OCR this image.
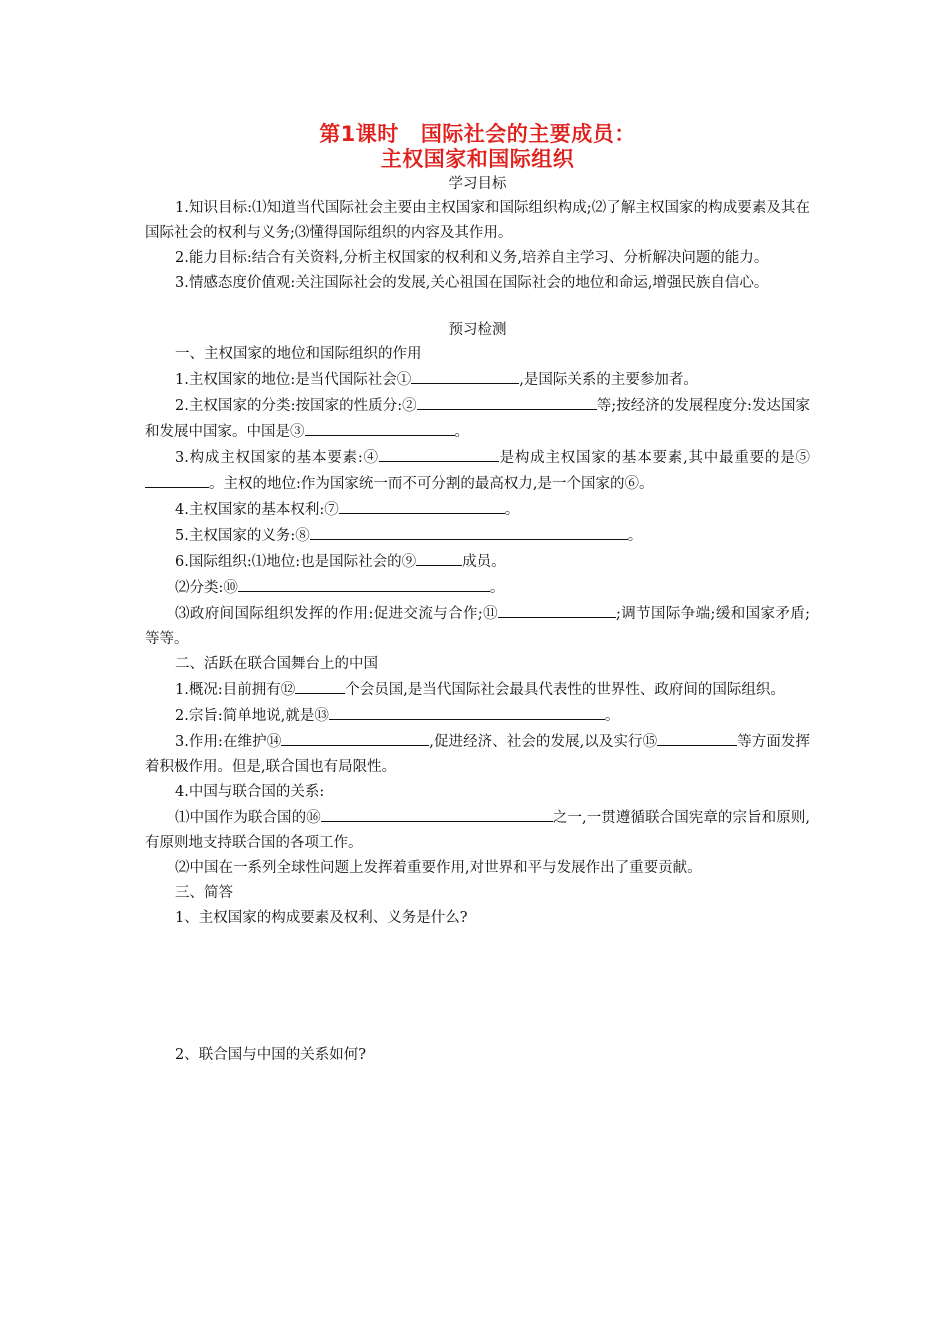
第1课时 国际社会的主要成员：
主权国家和国际组织
学习目标

1.知识目标:⑴知道当代国际社会主要由主权国家和国际组织构成;⑵了解主权国家的构成要素及其在国际社会的权利与义务;⑶懂得国际组织的内容及其作用。

2.能力目标:结合有关资料,分析主权国家的权利和义务,培养自主学习、分析解决问题的能力。

3.情感态度价值观:关注国际社会的发展,关心祖国在国际社会的地位和命运,增强民族自信心。

预习检测

一、主权国家的地位和国际组织的作用

1.主权国家的地位:是当代国际社会①	,是国际关系的主要参加者。

2.主权国家的分类:按国家的性质分:②	等;按经济的发展程度分:发达国家和发展中国家。中国是③	。

3.构成主权国家的基本要素:④	是构成主权国家的基本要素,其中最重要的是⑤。主权的地位:作为国家统一而不可分割的最高权力,是一个国家的⑥。

4.主权国家的基本权利:⑦	。

5.主权国家的义务:⑧	。

6.国际组织:⑴地位:也是国际社会的⑨	成员。

⑵分类:⑩	。

⑶政府间国际组织发挥的作用:促进交流与合作;⑪	;调节国际争端;缓和国家矛盾;等等。

二、活跃在联合国舞台上的中国

1.概况:目前拥有⑫	个会员国,是当代国际社会最具代表性的世界性、政府间的国际组织。

2.宗旨:简单地说,就是⑬	。

3.作用:在维护⑭	,促进经济、社会的发展,以及实行⑮	等方面发挥着积极作用。但是,联合国也有局限性。

4.中国与联合国的关系:

⑴中国作为联合国的⑯	之一,一贯遵循联合国宪章的宗旨和原则,有原则地支持联合国的各项工作。

⑵中国在一系列全球性问题上发挥着重要作用,对世界和平与发展作出了重要贡献。

三、简答

1、主权国家的构成要素及权利、义务是什么?

2、联合国与中国的关系如何?
